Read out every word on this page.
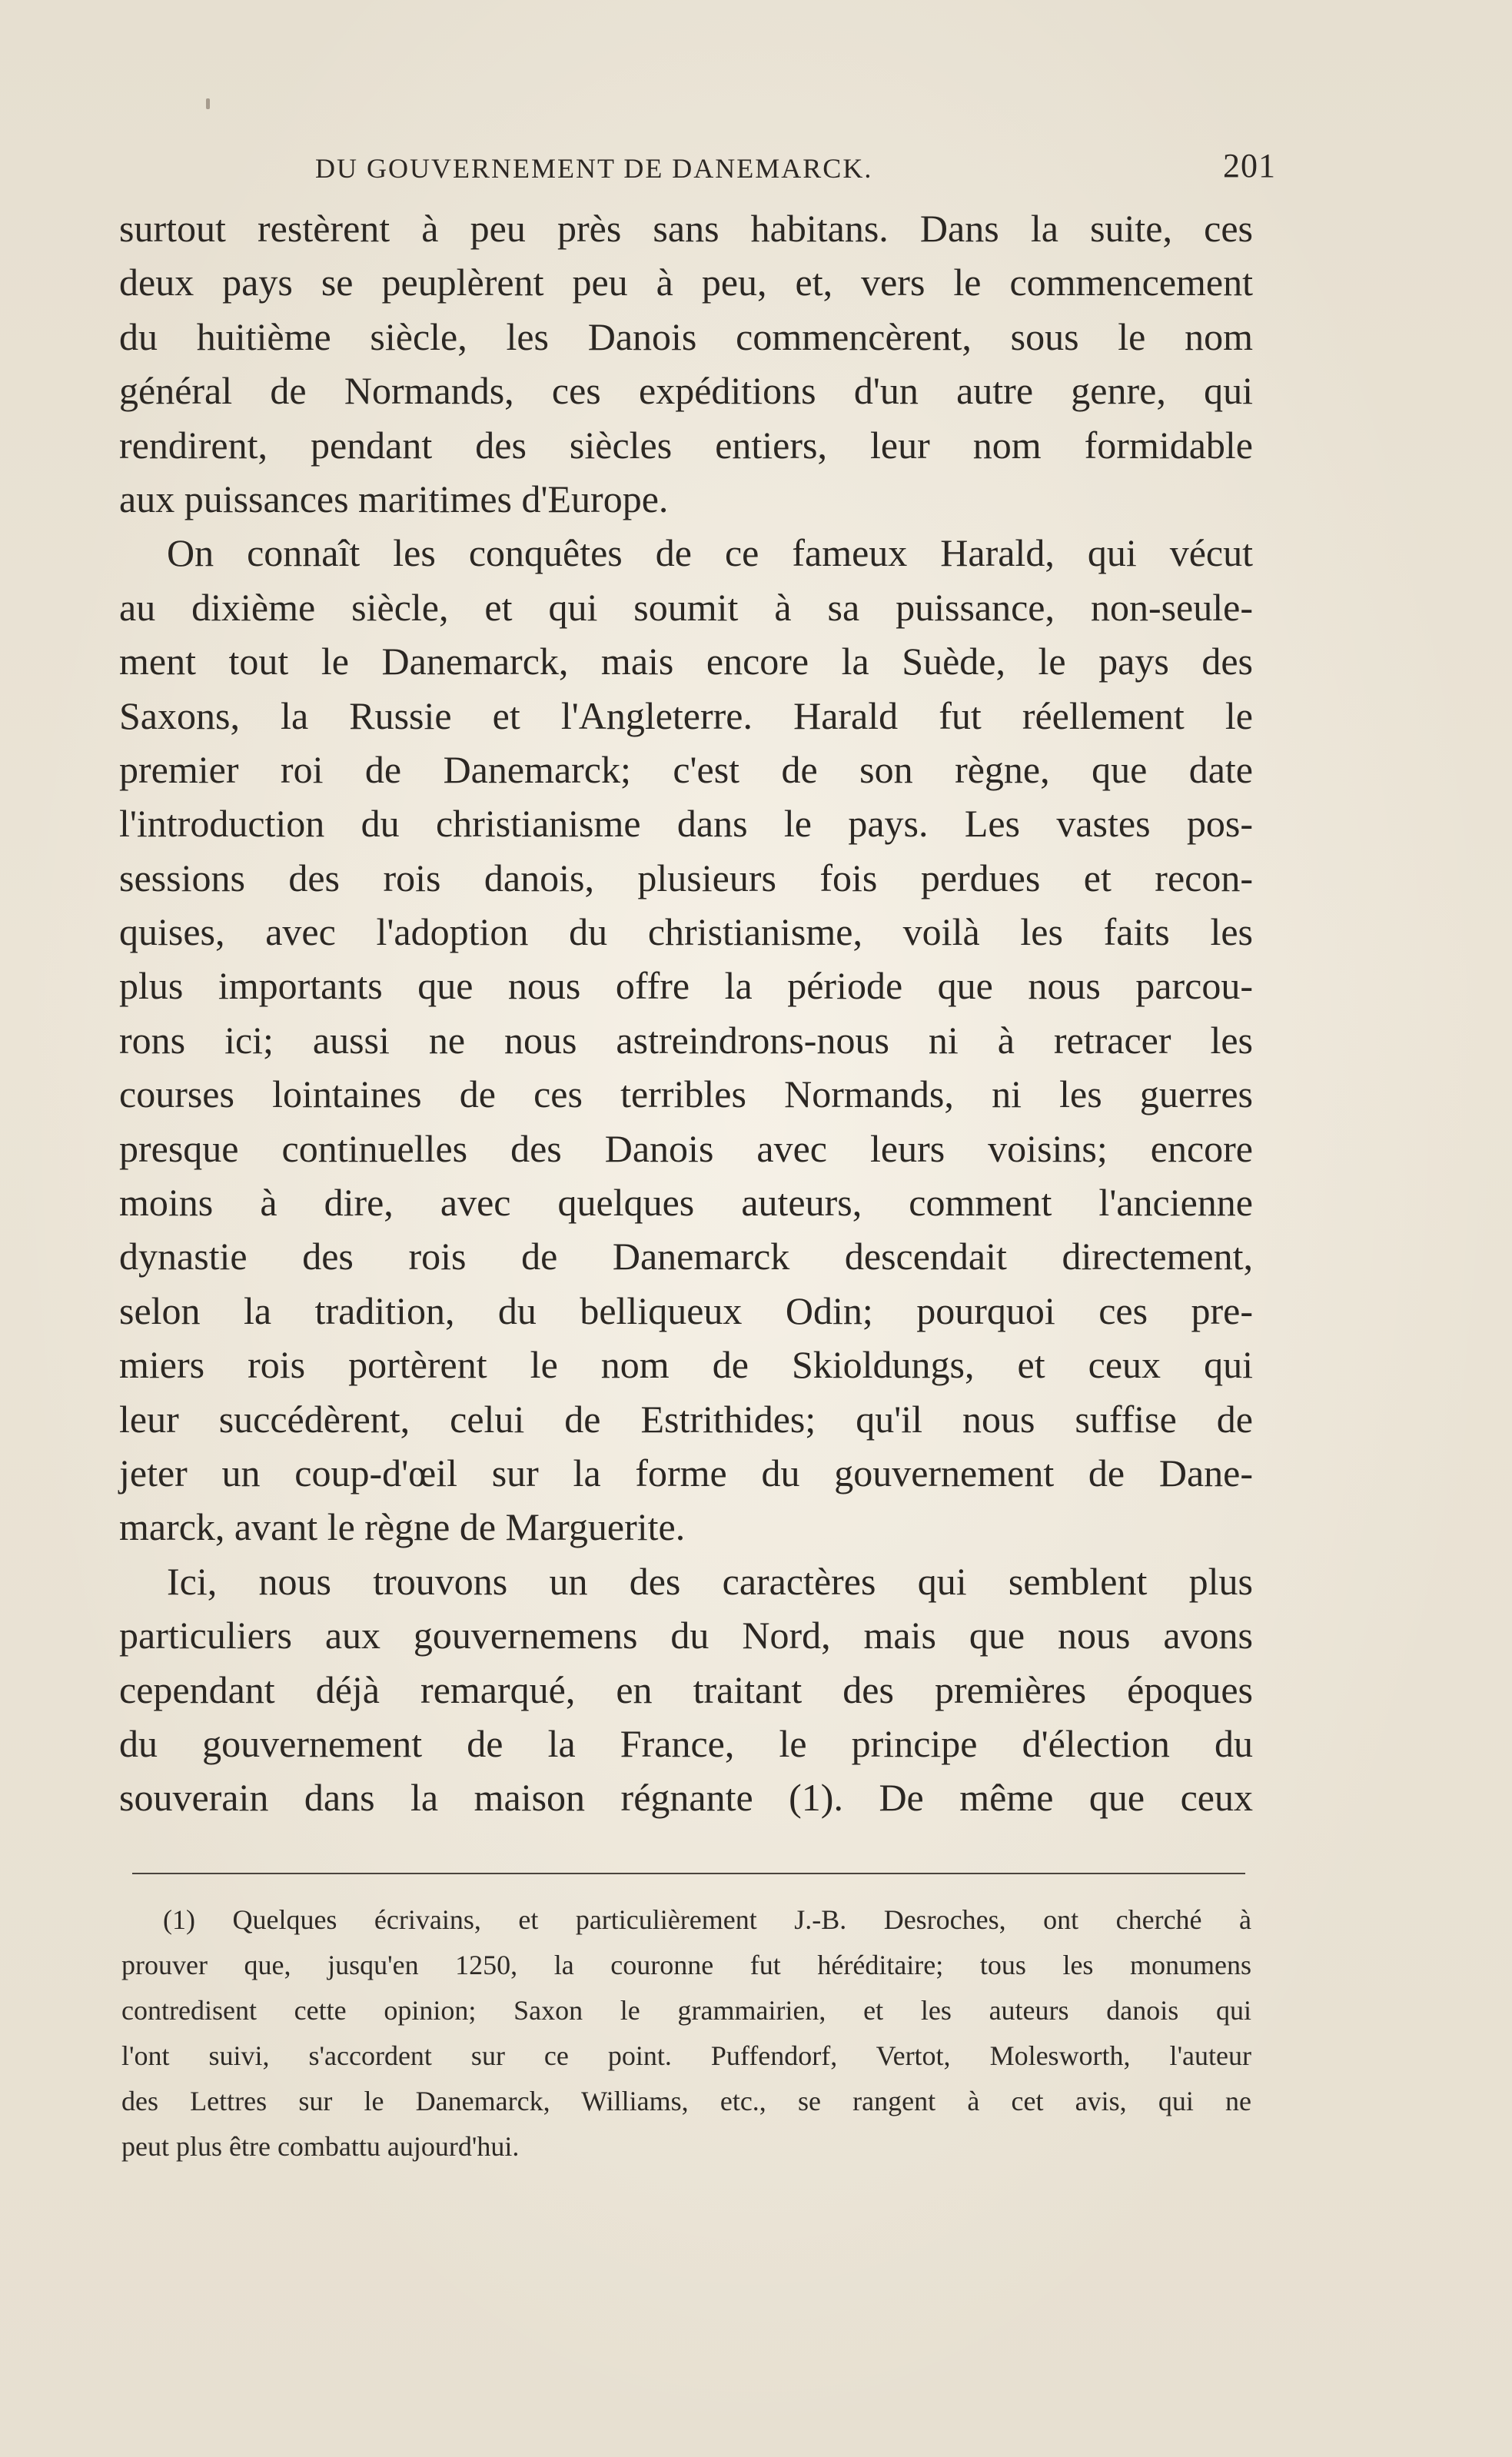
DU GOUVERNEMENT DE DANEMARCK.	201
surtout restèrent à peu près sans habitans. Dans la suite, ces
deux pays se peuplèrent peu à peu, et, vers le commencement
du huitième siècle, les Danois commencèrent, sous le nom
général de Normands, ces expéditions d'un autre genre, qui
rendirent, pendant des siècles entiers, leur nom formidable
aux puissances maritimes d'Europe.
On connaît les conquêtes de ce fameux Harald, qui vécut
au dixième siècle, et qui soumit à sa puissance, non-seule-
ment tout le Danemarck, mais encore la Suède, le pays des
Saxons, la Russie et l'Angleterre. Harald fut réellement le
premier roi de Danemarck; c'est de son règne, que date
l'introduction du christianisme dans le pays. Les vastes pos-
sessions des rois danois, plusieurs fois perdues et recon-
quises, avec l'adoption du christianisme, voilà les faits les
plus importants que nous offre la période que nous parcou-
rons ici; aussi ne nous astreindrons-nous ni à retracer les
courses lointaines de ces terribles Normands, ni les guerres
presque continuelles des Danois avec leurs voisins; encore
moins à dire, avec quelques auteurs, comment l'ancienne
dynastie des rois de Danemarck descendait directement,
selon la tradition, du belliqueux Odin; pourquoi ces pre-
miers rois portèrent le nom de Skioldungs, et ceux qui
leur succédèrent, celui de Estrithides; qu'il nous suffise de
jeter un coup-d'œil sur la forme du gouvernement de Dane-
marck, avant le règne de Marguerite.
Ici, nous trouvons un des caractères qui semblent plus
particuliers aux gouvernemens du Nord, mais que nous avons
cependant déjà remarqué, en traitant des premières époques
du gouvernement de la France, le principe d'élection du
souverain dans la maison régnante (1). De même que ceux
(1) Quelques écrivains, et particulièrement J.-B. Desroches, ont cherché à
prouver que, jusqu'en 1250, la couronne fut héréditaire; tous les monumens
contredisent cette opinion; Saxon le grammairien, et les auteurs danois qui
l'ont suivi, s'accordent sur ce point. Puffendorf, Vertot, Molesworth, l'auteur
des Lettres sur le Danemarck, Williams, etc., se rangent à cet avis, qui ne
peut plus être combattu aujourd'hui.
